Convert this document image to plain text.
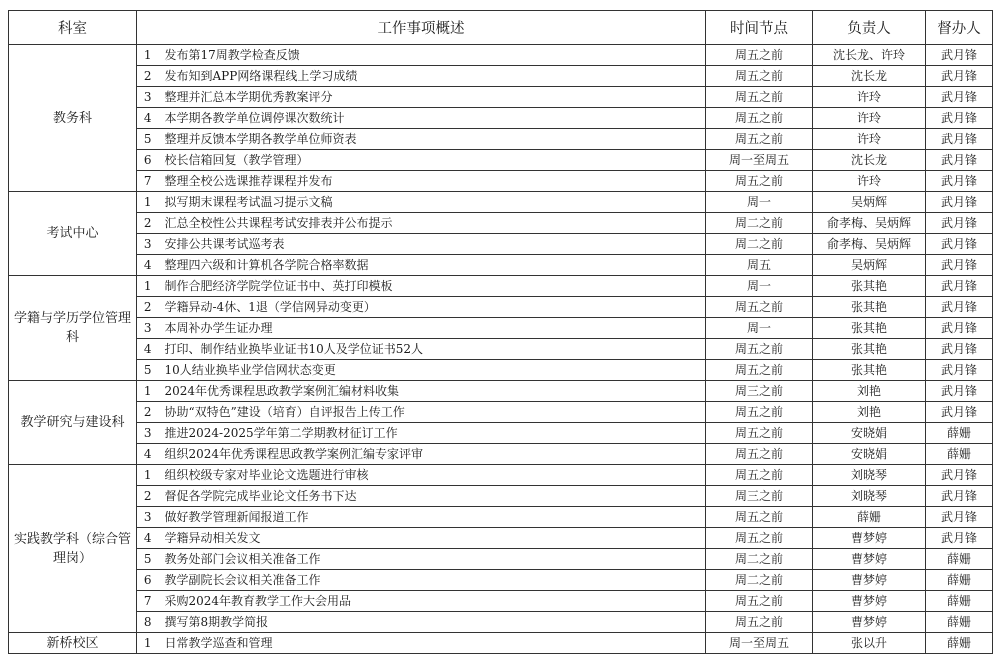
科室	工作事项概述		时间节点	负责人	督办人
教务科	1	发布第17周教学检查反馈	周五之前	沈长龙、许玲	武月锋
	2	发布知到APP网络课程线上学习成绩	周五之前	沈长龙	武月锋
	3	整理并汇总本学期优秀教案评分	周五之前	许玲	武月锋
	4	本学期各教学单位调停课次数统计	周五之前	许玲	武月锋
	5	整理并反馈本学期各教学单位师资表	周五之前	许玲	武月锋
	6	校长信箱回复（教学管理）	周一至周五	沈长龙	武月锋
	7	整理全校公选课推荐课程并发布	周五之前	许玲	武月锋
考试中心	1	拟写期末课程考试温习提示文稿	周一	吴炳辉	武月锋
	2	汇总全校性公共课程考试安排表并公布提示	周二之前	俞孝梅、吴炳辉	武月锋
	3	安排公共课考试巡考表	周二之前	俞孝梅、吴炳辉	武月锋
	4	整理四六级和计算机各学院合格率数据	周五	吴炳辉	武月锋
学籍与学历学位管理科	1	制作合肥经济学院学位证书中、英打印模板	周一	张其艳	武月锋
	2	学籍异动-4休、1退（学信网异动变更）	周五之前	张其艳	武月锋
	3	本周补办学生证办理	周一	张其艳	武月锋
	4	打印、制作结业换毕业证书10人及学位证书52人	周五之前	张其艳	武月锋
	5	10人结业换毕业学信网状态变更	周五之前	张其艳	武月锋
教学研究与建设科	1	2024年优秀课程思政教学案例汇编材料收集	周三之前	刘艳	武月锋
	2	协助“双特色”建设（培育）自评报告上传工作	周五之前	刘艳	武月锋
	3	推进2024-2025学年第二学期教材征订工作	周五之前	安晓娟	薛姗
	4	组织2024年优秀课程思政教学案例汇编专家评审	周五之前	安晓娟	薛姗
实践教学科（综合管理岗）	1	组织校级专家对毕业论文选题进行审核	周五之前	刘晓琴	武月锋
	2	督促各学院完成毕业论文任务书下达	周三之前	刘晓琴	武月锋
	3	做好教学管理新闻报道工作	周五之前	薛姗	武月锋
	4	学籍异动相关发文	周五之前	曹梦婷	武月锋
	5	教务处部门会议相关准备工作	周二之前	曹梦婷	薛姗
	6	教学副院长会议相关准备工作	周二之前	曹梦婷	薛姗
	7	采购2024年教育教学工作大会用品	周五之前	曹梦婷	薛姗
	8	撰写第8期教学简报	周五之前	曹梦婷	薛姗
新桥校区	1	日常教学巡查和管理	周一至周五	张以升	薛姗
